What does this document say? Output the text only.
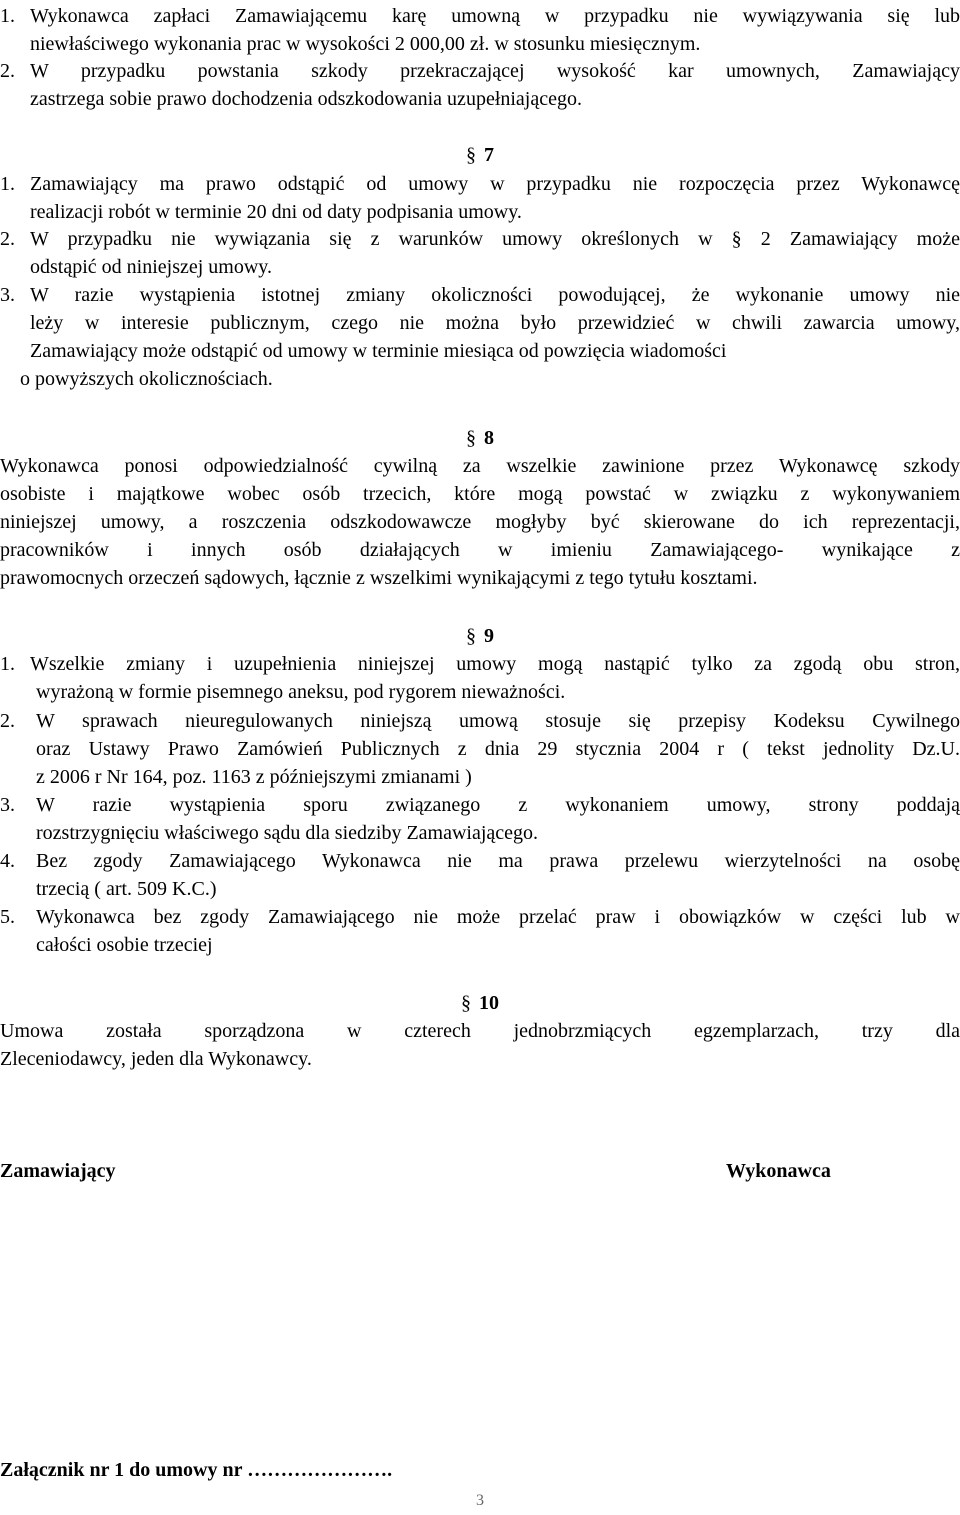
1. Wykonawca zapłaci Zamawiającemu karę umowną w przypadku nie wywiązywania się lub
niewłaściwego wykonania prac w wysokości 2 000,00 zł. w stosunku miesięcznym.
2. W przypadku powstania szkody przekraczającej wysokość kar umownych, Zamawiający
zastrzega sobie prawo dochodzenia odszkodowania uzupełniającego.
§ 7
1. Zamawiający ma prawo odstąpić od umowy w przypadku nie rozpoczęcia przez Wykonawcę
realizacji robót w terminie 20 dni od daty podpisania umowy.
2. W przypadku nie wywiązania się z warunków umowy określonych w § 2 Zamawiający może
odstąpić od niniejszej umowy.
3. W razie wystąpienia istotnej zmiany okoliczności powodującej, że wykonanie umowy nie
leży w interesie publicznym, czego nie można było przewidzieć w chwili zawarcia umowy,
Zamawiający może odstąpić od umowy w terminie miesiąca od powzięcia wiadomości
o powyższych okolicznościach.
§ 8
Wykonawca ponosi odpowiedzialność cywilną za wszelkie zawinione przez Wykonawcę szkody
osobiste i majątkowe wobec osób trzecich, które mogą powstać w związku z wykonywaniem
niniejszej umowy, a roszczenia odszkodowawcze mogłyby być skierowane do ich reprezentacji,
pracowników i innych osób działających w imieniu Zamawiającego- wynikające z
prawomocnych orzeczeń sądowych, łącznie z wszelkimi wynikającymi z tego tytułu kosztami.
§ 9
1. Wszelkie zmiany i uzupełnienia niniejszej umowy mogą nastąpić tylko za zgodą obu stron,
wyrażoną w formie pisemnego aneksu, pod rygorem nieważności.
2. W sprawach nieuregulowanych niniejszą umową stosuje się przepisy Kodeksu Cywilnego
oraz Ustawy Prawo Zamówień Publicznych z dnia 29 stycznia 2004 r ( tekst jednolity Dz.U.
z 2006 r Nr 164, poz. 1163 z późniejszymi zmianami )
3. W razie wystąpienia sporu związanego z wykonaniem umowy, strony poddają
rozstrzygnięciu właściwego sądu dla siedziby Zamawiającego.
4. Bez zgody Zamawiającego Wykonawca nie ma prawa przelewu wierzytelności na osobę
trzecią ( art. 509 K.C.)
5. Wykonawca bez zgody Zamawiającego nie może przelać praw i obowiązków w części lub w
całości osobie trzeciej
§ 10
Umowa została sporządzona w czterech jednobrzmiących egzemplarzach, trzy dla
Zleceniodawcy, jeden dla Wykonawcy.
Zamawiający	Wykonawca
Załącznik nr 1 do umowy nr ………………….
3
